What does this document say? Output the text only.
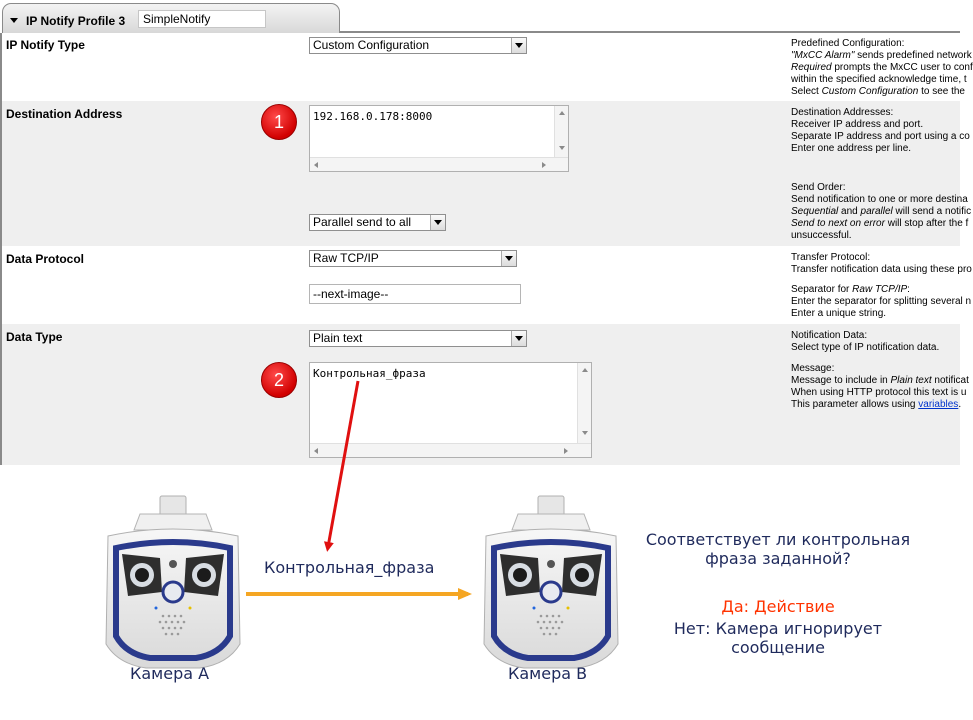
IP Notify Profile 3	SimpleNotify
IP Notify Type	Custom Configuration	Predefined Configuration:
"MxCC Alarm" sends predefined network
Required prompts the MxCC user to conf
within the specified acknowledge time, t
Select Custom Configuration to see the
Destination Address	192.168.0.178:8000
Parallel send to all
Destination Addresses:
Receiver IP address and port.
Separate IP address and port using a co
Enter one address per line.
Send Order:
Send notification to one or more destina
Sequential and parallel will send a notific
Send to next on error will stop after the f
unsuccessful.
Data Protocol	Raw TCP/IP
--next-image--
Transfer Protocol:
Transfer notification data using these pro
Separator for Raw TCP/IP:
Enter the separator for splitting several n
Enter a unique string.
Data Type	Plain text
Контрольная_фраза
Notification Data:
Select type of IP notification data.
Message:
Message to include in Plain text notificat
When using HTTP protocol this text is u
This parameter allows using variables.
1
2
Контрольная_фраза
Камера А	Камера В
Соответствует ли контрольная
фраза заданной?
Да: Действие
Нет: Камера игнорирует
сообщение
